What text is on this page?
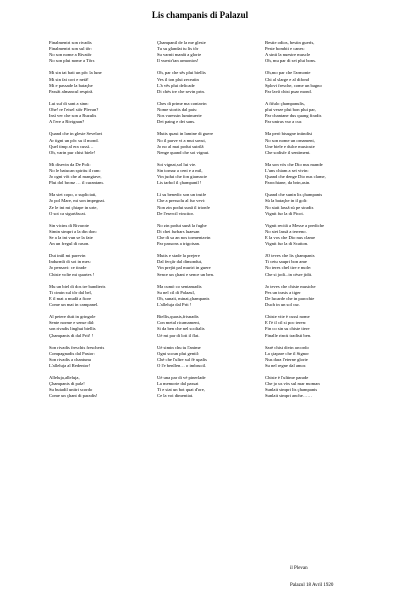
Lis champanis di Palazul
Finalmentri son rivadis
Finalmentri son sul tôr:
No son nome a Rivatôr
No son plui nome a Tôrr.
Mi sin tat bati un pôc la lune
Mi sin fat cori e netâ!
Mi e passade la bataçhe
Passât almancul respirâ.
Lui suf di sant a sinn:
Ohe! re l'eisel siôr Plevan?
Insì ver che son a Ruzulis
A l'ere a Rivignan?
Quand che in glesie Sevelavi
Ar tigni un pôc su il mond.
Quel timp al era cussì…
Oh, varin pur chist biele!
Mi disevin da De Poli:
No le batucan spiritu il ram:
Jo ogni vôt che al mangiave,
Plui dol bronz … il curantam.
Ma siet copo, o supliciati,
Jo pol Mare, mi son impegnat.
Ze le int mi çhiape in urte,
O sot ca sigurtâscat.
Sin vicins di Rivarote
Simin simpri a la din don:
Se a la int vun se la fate
An un fregul di rason.
Dut intìl mi parevin
Indurmît di sot in mes:
Jo pensavi: ce tirade
Chiste volte mi quartes !
Mu un biel di dos tre bandieris
Ti cimin sul tôr dal bel,
E il mat a mudâ a fiore
Come un mat in campanel.
Al petere dutt in gringole
Sente norme e sense dàl:
son rivadis linghui biellis
Çhampanis di dal Prit! !
Son rivadis freschis frescheris
Compagnadis dal Pastor:
Son rivadis a chantunu
L'alleluja al Redentor!
Alleluja,alleluja,
Çhampanis di palz!
Su butadil unitri scordo
Come un çhant di paradis!
Çhampanil de la me glesie
Tu su glandat tu lis tôr
Su varnit manât a glorie
Il vuestr'ian armonios!
Oh, par che sês plui biellis
Ves il ton plui zeceatin
L'à vês plui delicade
Di chès tre che sevin prin.
Ches di prime ma contavin
Nome storiis dal pais:
Nos varessin luminuerie
Dei paing e dei sans.
Mutis quasi in lamine di guere
No il parve vi a mut savut,
Jo no al mai podut sutrilâ
Nenge quand che soi vignut.
Soi vignat,sol lui vie.
Sin tornaz a cent e a mil,
Vin judut che fon giarnacie
Lis tarbol il çhampanil !
Lì su benedic son un trutfe
Che a pressolu al fur vevi:
Non zin podut sunâ il trionfe
De l'esercil vincitor.
No zin podut sunâ la fughe
Di chei furbars luaesan
Che di sa an nos tormentavin
Par passons a trigoisan.
Mutis e stade la prejere
Dal ferçâr dal dimondut,
Vin prejàt pal murtri in guere
Sence un çhant e sence un ben.
Ma cumò co sentamadis
Su nel cil di Palazul,
Oh, sunait, minat,çhampanis
L'alleluja dal Prit !
Biellis,quasis,frisnadis
Con metal ricamament,
Si da ben che nel scoltalis
Uè mi par di loti il flat.
Uè simin chu tu l'anime
Ogni scoun plui gentil:
Chè che l'ultre sul fè upalis
O l'e benllen… o imbrucil.
Uè una par di vè pinerlade
La memorie dal passat
Tì e siat un bot quat d'ore,
Ce la voi dimentiat.
Bestie odios, bestin guerìs,
Peste bombit e canes:
A sinti la nuestre muscle
Oh, mu par di sei plui bons.
Oh,mo par che l'armonie
Chi al slarge e al difond
Splovi fresche, come un bagno
Par lavâ chist puar mond.
A fifulo çhampanulis,
plui verze plui bon plui par,
Par chantane dus quang firadis
Par unirus vur a cur.
Ma però bisugne intindisi
No son nome un ornament,
Une biele e dulce musicute
Che sodisfe il sentiment.
Ma son vòs che Dio nus mande
L'uns chiam a sei vivin:
Quand che denge Dio nus clame,
Parochiane, da brin,asin.
Quand che sunin lis çhampanis
Sù la bataçhe in il golt:
No stait lassâ sù pe stradis
Vignit fur la di Picot.
Vignit recitâ a Messe a prediche
No stet lassâ a terreno.
E la vos che Dio nus clame
Vignit fur la di Scatton.
JO teves che lis çhampanis
Ti cetu saupri bon ame
No teres chel tire e mole:
Che si jodi...in cèsre jidit.
Jo teves che chiste musiche
Pes un trasis a tiger
De lucarde che in parochie
Duch in un sol cur.
Chiste vite è cussì nome
E l'è il cil si poc teren:
Fin co sin su chiste tiere
Finalle rincù tradìsti ben.
Sarè chist divin arcordo
La çiapare che il Signor
Nus dara l'eterne glorie
Su nel regne dal amor.
Chiste è l'ultime parade
Che jo us vòs sul mar moman
Sunlait simpri lis çhampanis
Sunlait simpri anche……
il Plevan
Palazul 18 Avril 1920
